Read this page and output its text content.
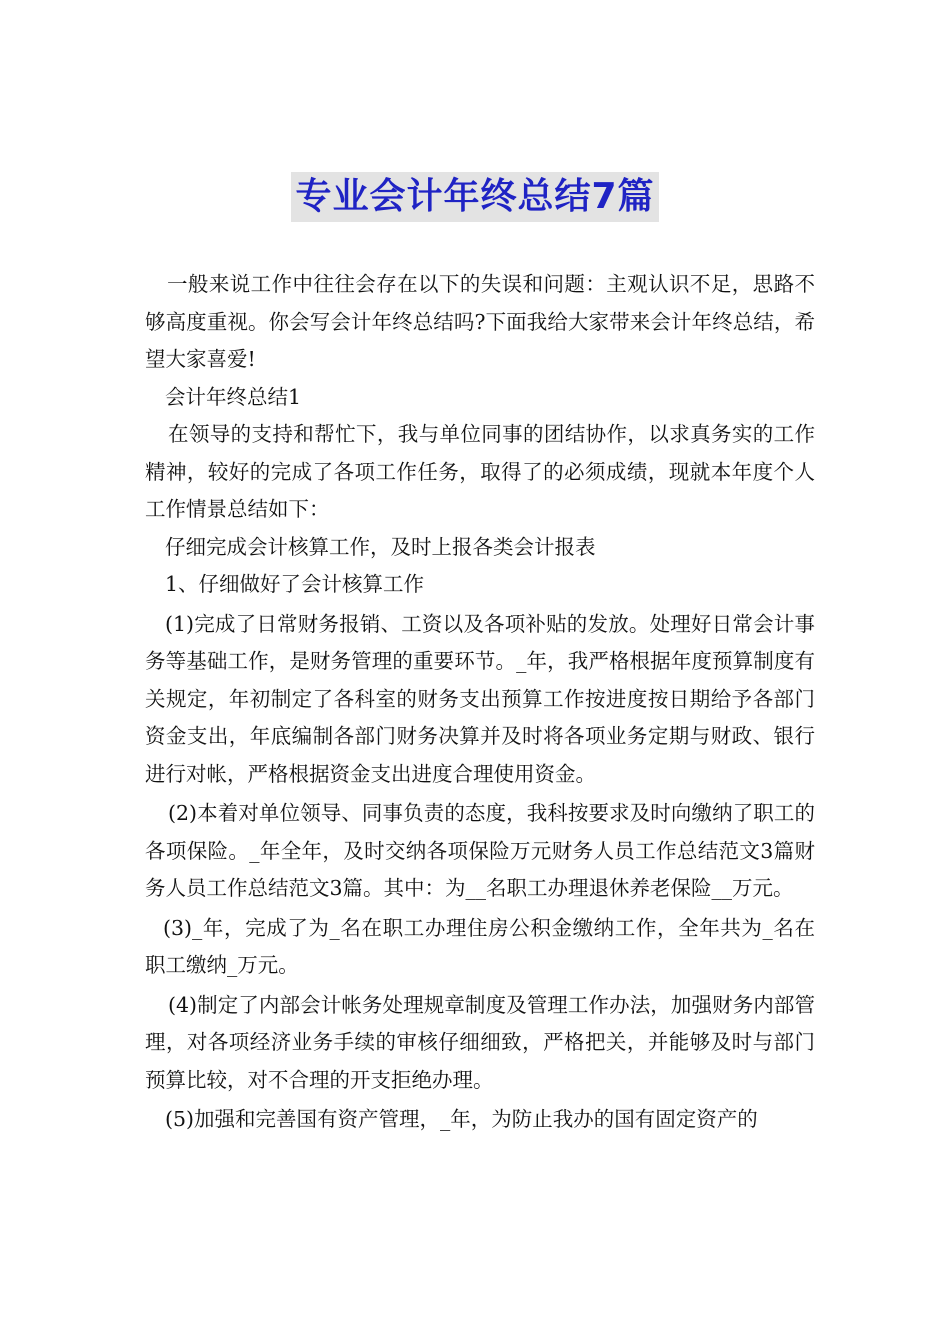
专业会计年终总结7篇

一般来说工作中往往会存在以下的失误和问题：主观认识不足，思路不够高度重视。你会写会计年终总结吗?下面我给大家带来会计年终总结，希望大家喜爱!

会计年终总结1

在领导的支持和帮忙下，我与单位同事的团结协作，以求真务实的工作精神，较好的完成了各项工作任务，取得了的必须成绩，现就本年度个人工作情景总结如下：

仔细完成会计核算工作，及时上报各类会计报表

1、仔细做好了会计核算工作

(1)完成了日常财务报销、工资以及各项补贴的发放。处理好日常会计事务等基础工作，是财务管理的重要环节。_年，我严格根据年度预算制度有关规定，年初制定了各科室的财务支出预算工作按进度按日期给予各部门资金支出，年底编制各部门财务决算并及时将各项业务定期与财政、银行进行对帐，严格根据资金支出进度合理使用资金。

(2)本着对单位领导、同事负责的态度，我科按要求及时向缴纳了职工的各项保险。_年全年，及时交纳各项保险万元财务人员工作总结范文3篇财务人员工作总结范文3篇。其中：为__名职工办理退休养老保险__万元。

(3)_年，完成了为_名在职工办理住房公积金缴纳工作，全年共为_名在职工缴纳_万元。

(4)制定了内部会计帐务处理规章制度及管理工作办法，加强财务内部管理，对各项经济业务手续的审核仔细细致，严格把关，并能够及时与部门预算比较，对不合理的开支拒绝办理。

(5)加强和完善国有资产管理，_年，为防止我办的国有固定资产的
